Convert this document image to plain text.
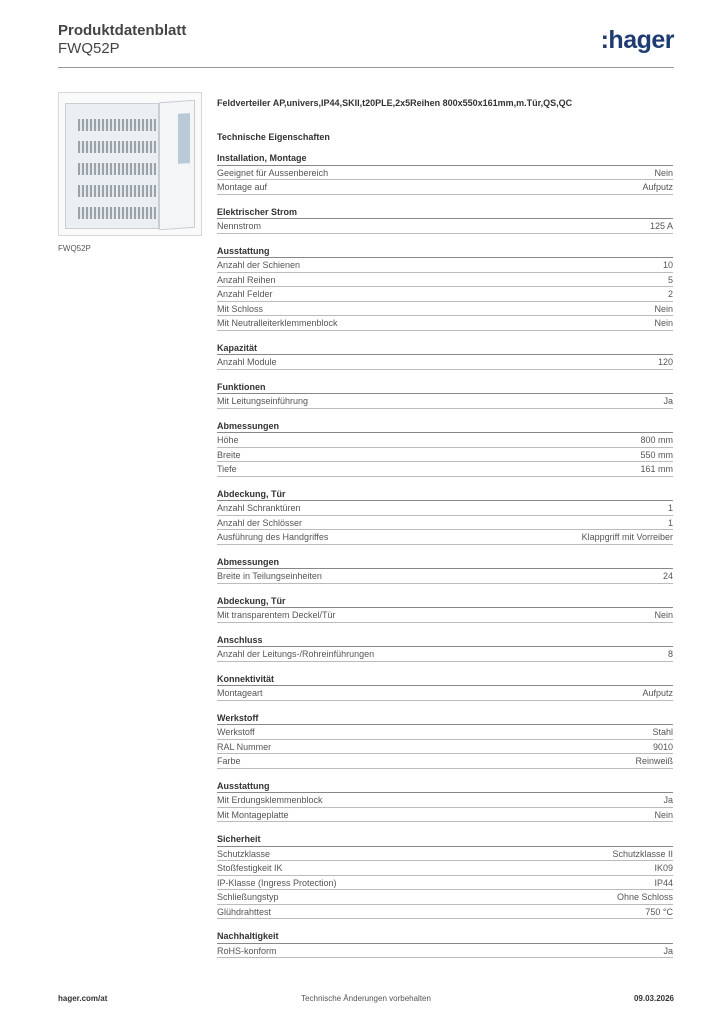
Produktdatenblatt
FWQ52P	:hager
FWQ52P
Feldverteiler AP,univers,IP44,SKII,t20PLE,2x5Reihen 800x550x161mm,m.Tür,QS,QC
Technische Eigenschaften
Installation, Montage
Geeignet für Aussenbereich	Nein
Montage auf	Aufputz
Elektrischer Strom
Nennstrom	125 A
Ausstattung
Anzahl der Schienen	10
Anzahl Reihen	5
Anzahl Felder	2
Mit Schloss	Nein
Mit Neutralleiterklemmenblock	Nein
Kapazität
Anzahl Module	120
Funktionen
Mit Leitungseinführung	Ja
Abmessungen
Höhe	800 mm
Breite	550 mm
Tiefe	161 mm
Abdeckung, Tür
Anzahl Schranktüren	1
Anzahl der Schlösser	1
Ausführung des Handgriffes	Klappgriff mit Vorreiber
Abmessungen
Breite in Teilungseinheiten	24
Abdeckung, Tür
Mit transparentem Deckel/Tür	Nein
Anschluss
Anzahl der Leitungs-/Rohreinführungen	8
Konnektivität
Montageart	Aufputz
Werkstoff
Werkstoff	Stahl
RAL Nummer	9010
Farbe	Reinweiß
Ausstattung
Mit Erdungsklemmenblock	Ja
Mit Montageplatte	Nein
Sicherheit
Schutzklasse	Schutzklasse II
Stoßfestigkeit IK	IK09
IP-Klasse (Ingress Protection)	IP44
Schließungstyp	Ohne Schloss
Glühdrahttest	750 °C
Nachhaltigkeit
RoHS-konform	Ja
hager.com/at	Technische Änderungen vorbehalten	09.03.2026
